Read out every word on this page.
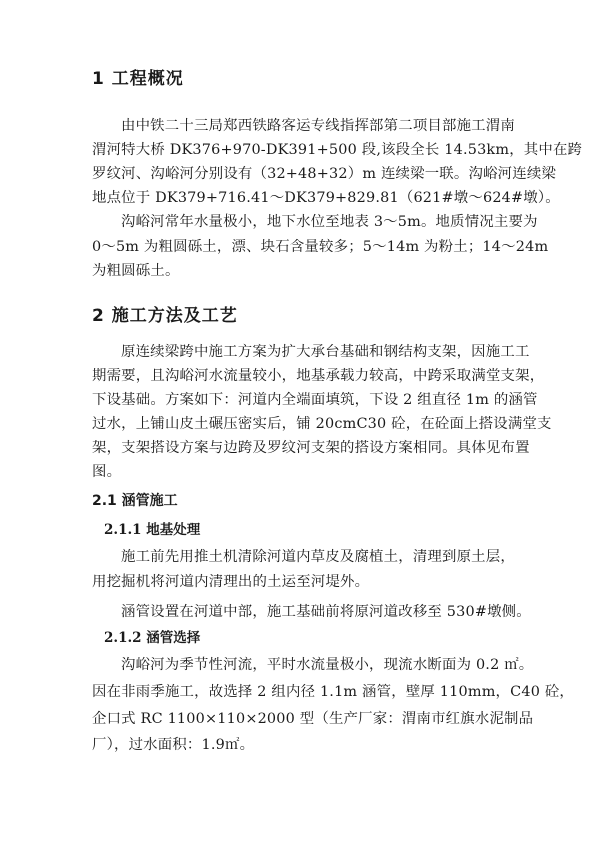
1 工程概况
由中铁二十三局郑西铁路客运专线指挥部第二项目部施工渭南
渭河特大桥 DK376+970-DK391+500 段,该段全长 14.53km，其中在跨
罗纹河、沟峪河分别设有（32+48+32）m 连续梁一联。沟峪河连续梁
地点位于 DK379+716.41～DK379+829.81（621#墩～624#墩）。
沟峪河常年水量极小，地下水位至地表 3～5m。地质情况主要为
0～5m 为粗圆砾土，漂、块石含量较多；5～14m 为粉土；14～24m
为粗圆砾土。
2 施工方法及工艺
原连续梁跨中施工方案为扩大承台基础和钢结构支架，因施工工
期需要，且沟峪河水流量较小，地基承载力较高，中跨采取满堂支架，
下设基础。方案如下：河道内全端面填筑，下设 2 组直径 1m 的涵管
过水，上铺山皮土碾压密实后，铺 20cmC30 砼，在砼面上搭设满堂支
架，支架搭设方案与边跨及罗纹河支架的搭设方案相同。具体见布置
图。
2.1 涵管施工
2.1.1 地基处理
施工前先用推土机清除河道内草皮及腐植土，清理到原土层，
用挖掘机将河道内清理出的土运至河堤外。
涵管设置在河道中部，施工基础前将原河道改移至 530#墩侧。
2.1.2 涵管选择
沟峪河为季节性河流，平时水流量极小，现流水断面为 0.2 ㎡。
因在非雨季施工，故选择 2 组内径 1.1m 涵管，壁厚 110mm，C40 砼，
企口式 RC 1100×110×2000 型（生产厂家：渭南市红旗水泥制品
厂），过水面积：1.9㎡。
